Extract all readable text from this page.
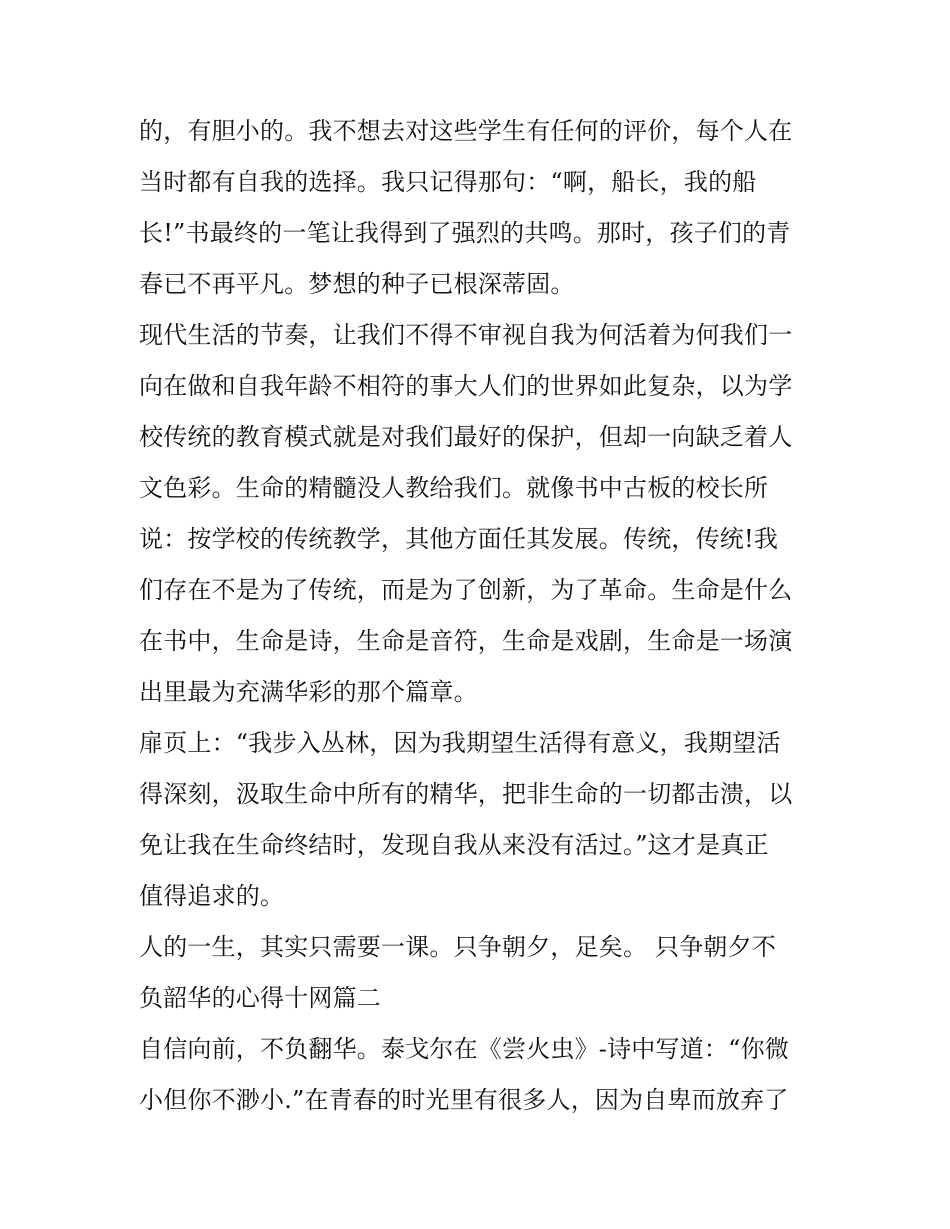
的，有胆小的。我不想去对这些学生有任何的评价，每个人在
当时都有自我的选择。我只记得那句：“啊，船长，我的船
长!”书最终的一笔让我得到了强烈的共鸣。那时，孩子们的青
春已不再平凡。梦想的种子已根深蒂固。
现代生活的节奏，让我们不得不审视自我为何活着为何我们一
向在做和自我年龄不相符的事大人们的世界如此复杂，以为学
校传统的教育模式就是对我们最好的保护，但却一向缺乏着人
文色彩。生命的精髓没人教给我们。就像书中古板的校长所
说：按学校的传统教学，其他方面任其发展。传统，传统!我
们存在不是为了传统，而是为了创新，为了革命。生命是什么
在书中，生命是诗，生命是音符，生命是戏剧，生命是一场演
出里最为充满华彩的那个篇章。
扉页上：“我步入丛林，因为我期望生活得有意义，我期望活
得深刻，汲取生命中所有的精华，把非生命的一切都击溃，以
免让我在生命终结时，发现自我从来没有活过。”这才是真正
值得追求的。
人的一生，其实只需要一课。只争朝夕，足矣。 只争朝夕不
负韶华的心得十网篇二
自信向前，不负翻华。泰戈尔在《尝火虫》-诗中写道：“你微
小但你不渺小.”在青春的时光里有很多人，因为自卑而放弃了
